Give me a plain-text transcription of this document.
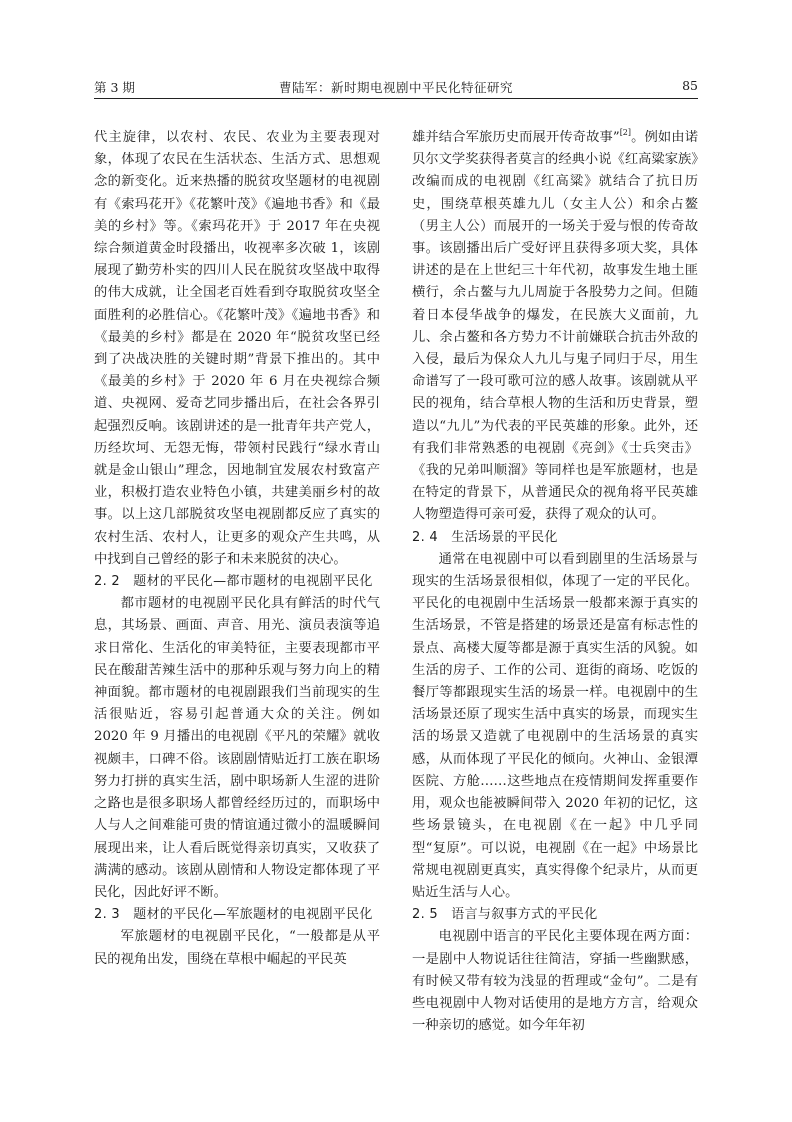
第 3 期	曹陆军：新时期电视剧中平民化特征研究	85

代主旋律，以农村、农民、农业为主要表现对象，体现了农民在生活状态、生活方式、思想观念的新变化。近来热播的脱贫攻坚题材的电视剧有《索玛花开》《花繁叶茂》《遍地书香》和《最美的乡村》等。《索玛花开》于 2017 年在央视综合频道黄金时段播出，收视率多次破 1，该剧展现了勤劳朴实的四川人民在脱贫攻坚战中取得的伟大成就，让全国老百姓看到夺取脱贫攻坚全面胜利的必胜信心。《花繁叶茂》《遍地书香》和《最美的乡村》都是在 2020 年“脱贫攻坚已经到了决战决胜的关键时期”背景下推出的。其中《最美的乡村》于 2020 年 6 月在央视综合频道、央视网、爱奇艺同步播出后，在社会各界引起强烈反响。该剧讲述的是一批青年共产党人，历经坎坷、无怨无悔，带领村民践行“绿水青山就是金山银山”理念，因地制宜发展农村致富产业，积极打造农业特色小镇，共建美丽乡村的故事。以上这几部脱贫攻坚电视剧都反应了真实的农村生活、农村人，让更多的观众产生共鸣，从中找到自己曾经的影子和未来脱贫的决心。

2. 2　题材的平民化—都市题材的电视剧平民化

都市题材的电视剧平民化具有鲜活的时代气息，其场景、画面、声音、用光、演员表演等追求日常化、生活化的审美特征，主要表现都市平民在酸甜苦辣生活中的那种乐观与努力向上的精神面貌。都市题材的电视剧跟我们当前现实的生活很贴近，容易引起普通大众的关注。例如 2020 年 9 月播出的电视剧《平凡的荣耀》就收视颇丰，口碑不俗。该剧剧情贴近打工族在职场努力打拼的真实生活，剧中职场新人生涩的进阶之路也是很多职场人都曾经经历过的，而职场中人与人之间难能可贵的情谊通过微小的温暖瞬间展现出来，让人看后既觉得亲切真实，又收获了满满的感动。该剧从剧情和人物设定都体现了平民化，因此好评不断。

2. 3　题材的平民化—军旅题材的电视剧平民化

军旅题材的电视剧平民化，“一般都是从平民的视角出发，围绕在草根中崛起的平民英

雄并结合军旅历史而展开传奇故事”[2]。例如由诺贝尔文学奖获得者莫言的经典小说《红高粱家族》改编而成的电视剧《红高粱》就结合了抗日历史，围绕草根英雄九儿（女主人公）和余占鳌（男主人公）而展开的一场关于爱与恨的传奇故事。该剧播出后广受好评且获得多项大奖，具体讲述的是在上世纪三十年代初，故事发生地土匪横行，余占鳌与九儿周旋于各股势力之间。但随着日本侵华战争的爆发，在民族大义面前，九儿、余占鳌和各方势力不计前嫌联合抗击外敌的入侵，最后为保众人九儿与鬼子同归于尽，用生命谱写了一段可歌可泣的感人故事。该剧就从平民的视角，结合草根人物的生活和历史背景，塑造以“九儿”为代表的平民英雄的形象。此外，还有我们非常熟悉的电视剧《亮剑》《士兵突击》《我的兄弟叫顺溜》等同样也是军旅题材，也是在特定的背景下，从普通民众的视角将平民英雄人物塑造得可亲可爱，获得了观众的认可。

2. 4　生活场景的平民化

通常在电视剧中可以看到剧里的生活场景与现实的生活场景很相似，体现了一定的平民化。平民化的电视剧中生活场景一般都来源于真实的生活场景，不管是搭建的场景还是富有标志性的景点、高楼大厦等都是源于真实生活的风貌。如生活的房子、工作的公司、逛街的商场、吃饭的餐厅等都跟现实生活的场景一样。电视剧中的生活场景还原了现实生活中真实的场景，而现实生活的场景又造就了电视剧中的生活场景的真实感，从而体现了平民化的倾向。火神山、金银潭医院、方舱……这些地点在疫情期间发挥重要作用，观众也能被瞬间带入 2020 年初的记忆，这些场景镜头，在电视剧《在一起》中几乎同型“复原”。可以说，电视剧《在一起》中场景比常规电视剧更真实，真实得像个纪录片，从而更贴近生活与人心。

2. 5　语言与叙事方式的平民化

电视剧中语言的平民化主要体现在两方面：一是剧中人物说话往往简洁，穿插一些幽默感，有时候又带有较为浅显的哲理或“金句”。二是有些电视剧中人物对话使用的是地方方言，给观众一种亲切的感觉。如今年年初
